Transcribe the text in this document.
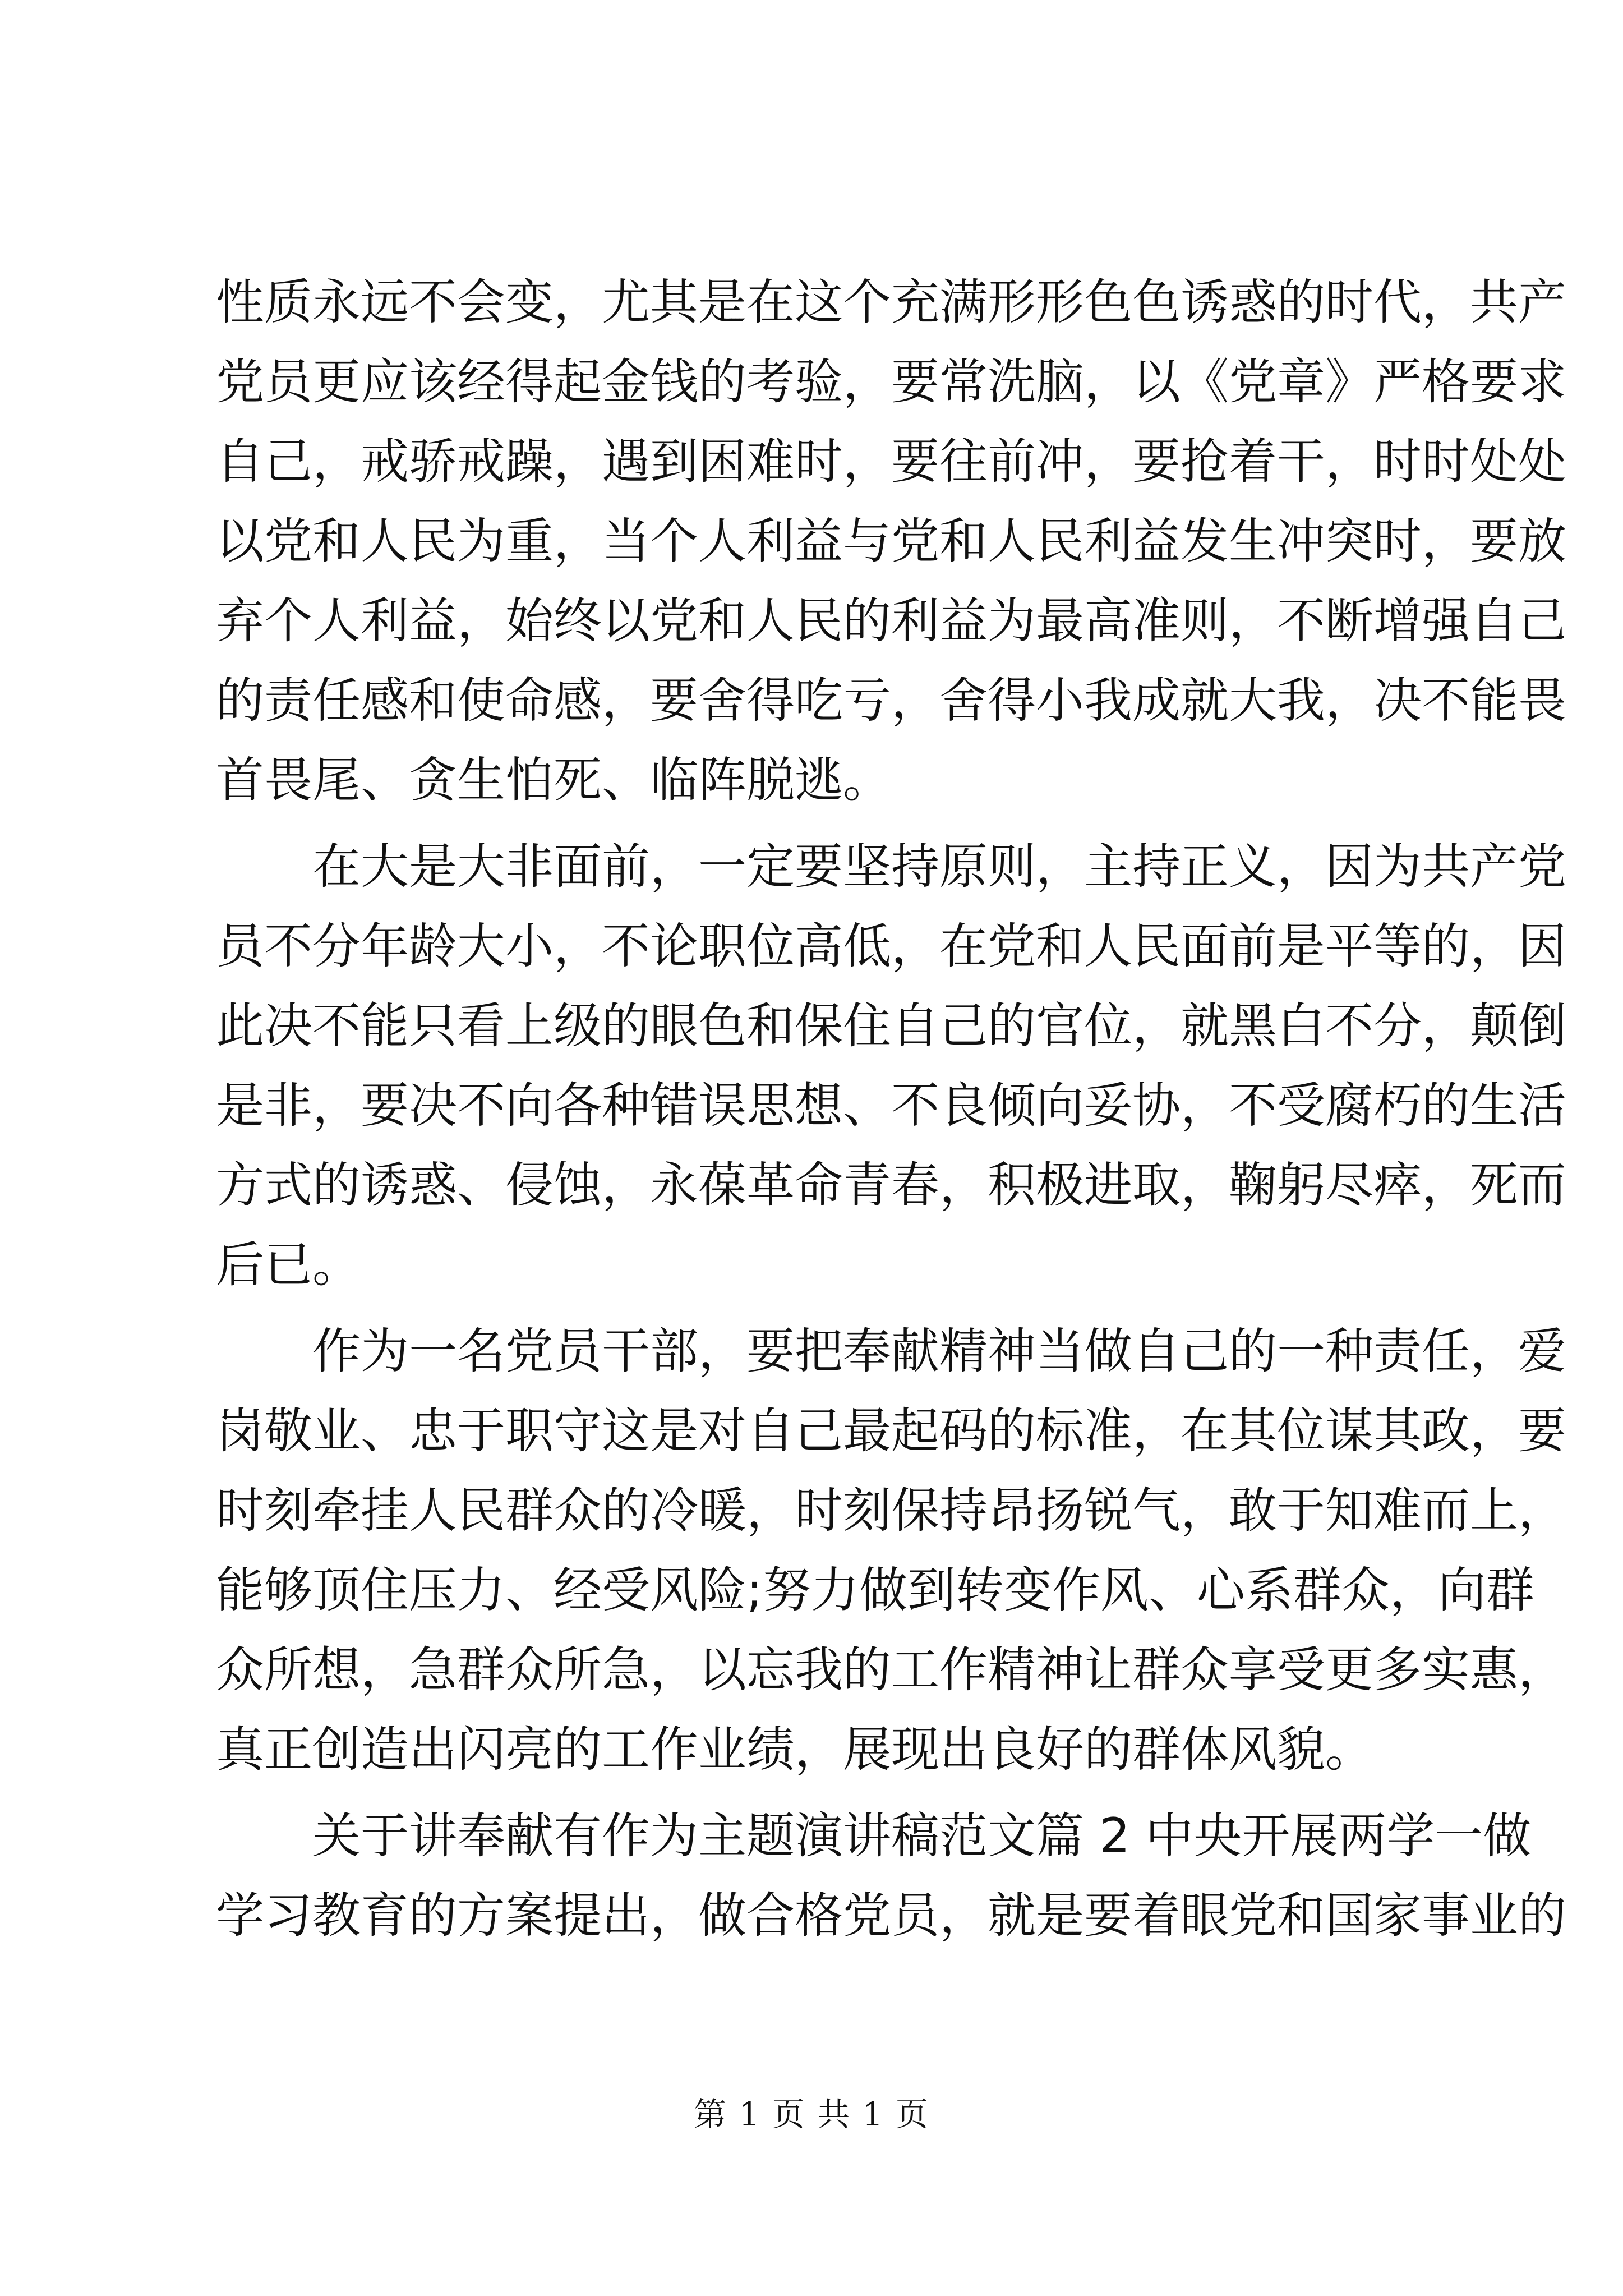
性质永远不会变，尤其是在这个充满形形色色诱惑的时代，共产
党员更应该经得起金钱的考验，要常洗脑，以《党章》严格要求
自己，戒骄戒躁，遇到困难时，要往前冲，要抢着干，时时处处
以党和人民为重，当个人利益与党和人民利益发生冲突时，要放
弃个人利益，始终以党和人民的利益为最高准则，不断增强自己
的责任感和使命感，要舍得吃亏，舍得小我成就大我，决不能畏
首畏尾、贪生怕死、临阵脱逃。
在大是大非面前，一定要坚持原则，主持正义，因为共产党
员不分年龄大小，不论职位高低，在党和人民面前是平等的，因
此决不能只看上级的眼色和保住自己的官位，就黑白不分，颠倒
是非，要决不向各种错误思想、不良倾向妥协，不受腐朽的生活
方式的诱惑、侵蚀，永葆革命青春，积极进取，鞠躬尽瘁，死而
后已。
作为一名党员干部，要把奉献精神当做自己的一种责任，爱
岗敬业、忠于职守这是对自己最起码的标准，在其位谋其政，要
时刻牵挂人民群众的冷暖，时刻保持昂扬锐气，敢于知难而上，
能够顶住压力、经受风险;努力做到转变作风、心系群众，向群
众所想，急群众所急，以忘我的工作精神让群众享受更多实惠，
真正创造出闪亮的工作业绩，展现出良好的群体风貌。
关于讲奉献有作为主题演讲稿范文篇 2 中央开展两学一做
学习教育的方案提出，做合格党员，就是要着眼党和国家事业的
第 1 页 共 1 页
